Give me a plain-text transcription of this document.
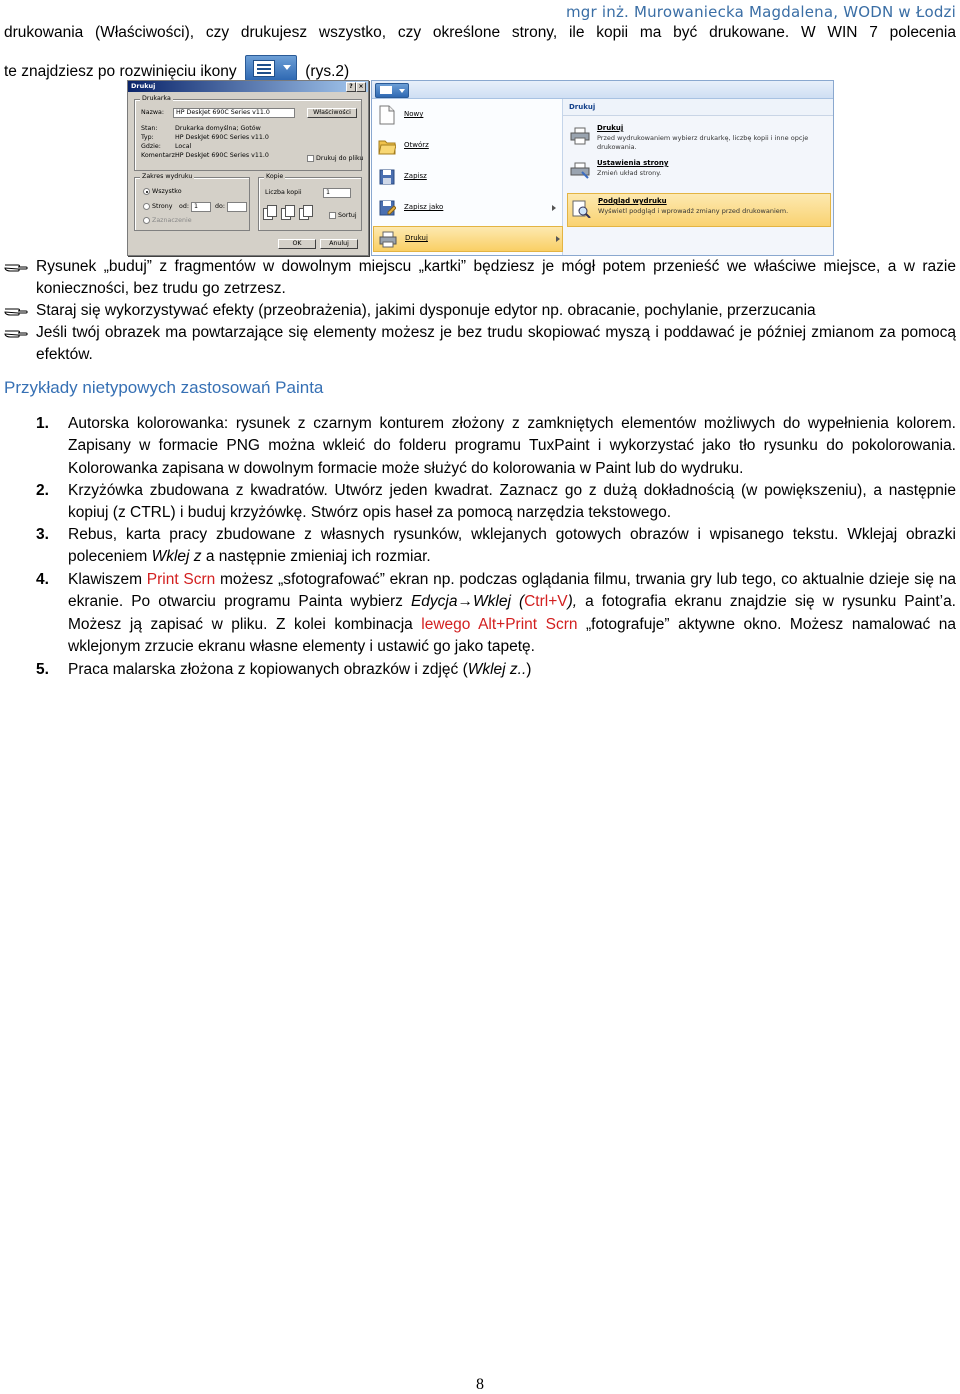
mgr inż. Murowaniecka Magdalena, WODN w Łodzi
drukowania (Właściwości), czy drukujesz wszystko, czy określone strony, ile kopii ma być drukowane. W WIN 7 polecenia
te znajdziesz po rozwinięciu ikony	(rys.2)
Drukuj	? ×
Drukarka
Nazwa:	HP DeskJet 690C Series v11.0	Właściwości
Stan:	Drukarka domyślna; Gotów
Typ:	HP DeskJet 690C Series v11.0
Gdzie: Local
Komentarz:
HP DeskJet 690C Series v11.0	Drukuj do pliku
Zakres wydruku
Wszystko
Strony od: 1	do:
Zaznaczenie
Kopie
Liczba kopii	1
Sortuj
OK	Anuluj
Nowy
Otwórz
Zapisz
Zapisz jako
Drukuj
Drukuj
Drukuj
Przed wydrukowaniem wybierz drukarkę, liczbę kopii i inne opcje drukowania.
Ustawienia strony
Zmień układ strony.
Podgląd wydruku
Wyświetl podgląd i wprowadź zmiany przed drukowaniem.
Rysunek „buduj” z fragmentów w dowolnym miejscu „kartki” będziesz je mógł potem przenieść we właściwe miejsce, a w razie konieczności, bez trudu go zetrzesz.
Staraj się wykorzystywać efekty (przeobrażenia), jakimi dysponuje edytor np. obracanie, pochylanie, przerzucania
Jeśli twój obrazek ma powtarzające się elementy możesz je bez trudu skopiować myszą i poddawać je później zmianom za pomocą efektów.
Przykłady nietypowych zastosowań Painta
1. Autorska kolorowanka: rysunek z czarnym konturem złożony z zamkniętych elementów możliwych do wypełnienia kolorem. Zapisany w formacie PNG można wkleić do folderu programu TuxPaint i wykorzystać jako tło rysunku do pokolorowania. Kolorowanka zapisana w dowolnym formacie może służyć do kolorowania w Paint lub do wydruku.
2. Krzyżówka zbudowana z kwadratów. Utwórz jeden kwadrat. Zaznacz go z dużą dokładnością (w powiększeniu), a następnie kopiuj (z CTRL) i buduj krzyżówkę. Stwórz opis haseł za pomocą narzędzia tekstowego.
3. Rebus, karta pracy zbudowane z własnych rysunków, wklejanych gotowych obrazów i wpisanego tekstu. Wklejaj obrazki poleceniem Wklej z a następnie zmieniaj ich rozmiar.
4. Klawiszem Print Scrn możesz „sfotografować” ekran np. podczas oglądania filmu, trwania gry lub tego, co aktualnie dzieje się na ekranie. Po otwarciu programu Painta wybierz Edycja→Wklej (Ctrl+V), a fotografia ekranu znajdzie się w rysunku Paint’a. Możesz ją zapisać w pliku. Z kolei kombinacja lewego Alt+Print Scrn „fotografuje” aktywne okno. Możesz namalować na wklejonym zrzucie ekranu własne elementy i ustawić go jako tapetę.
5. Praca malarska złożona z kopiowanych obrazków i zdjęć (Wklej z..)
8
